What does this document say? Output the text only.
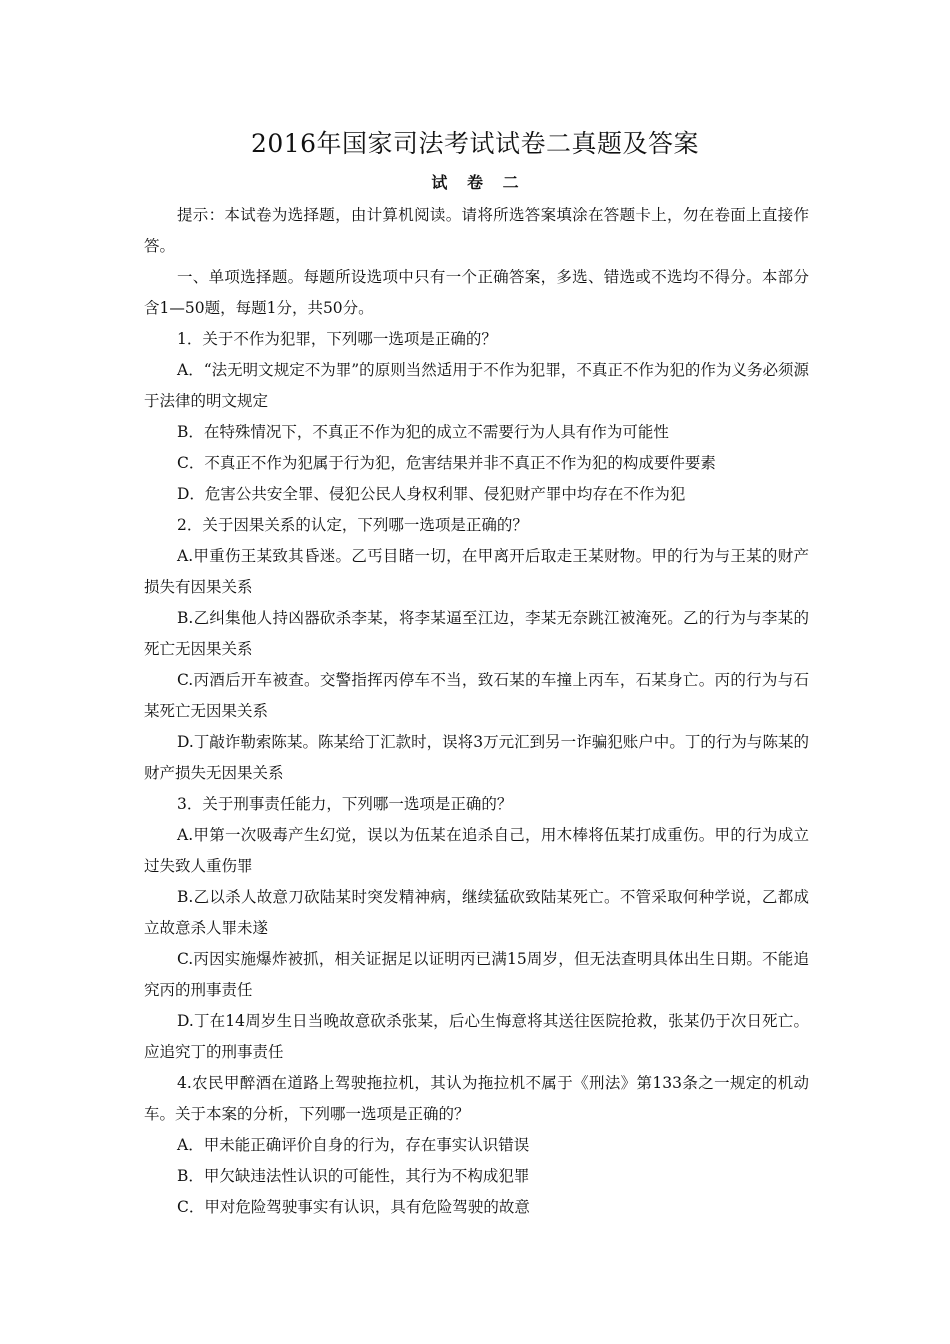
2016年国家司法考试试卷二真题及答案
试 卷 二

提示：本试卷为选择题，由计算机阅读。请将所选答案填涂在答题卡上，勿在卷面上直接作答。

一、单项选择题。每题所设选项中只有一个正确答案，多选、错选或不选均不得分。本部分含1—50题，每题1分，共50分。

1．关于不作为犯罪，下列哪一选项是正确的？

A．“法无明文规定不为罪”的原则当然适用于不作为犯罪，不真正不作为犯的作为义务必须源于法律的明文规定

B．在特殊情况下，不真正不作为犯的成立不需要行为人具有作为可能性

C．不真正不作为犯属于行为犯，危害结果并非不真正不作为犯的构成要件要素

D．危害公共安全罪、侵犯公民人身权利罪、侵犯财产罪中均存在不作为犯

2．关于因果关系的认定，下列哪一选项是正确的？

A.甲重伤王某致其昏迷。乙丐目睹一切，在甲离开后取走王某财物。甲的行为与王某的财产损失有因果关系

B.乙纠集他人持凶器砍杀李某，将李某逼至江边，李某无奈跳江被淹死。乙的行为与李某的死亡无因果关系

C.丙酒后开车被查。交警指挥丙停车不当，致石某的车撞上丙车，石某身亡。丙的行为与石某死亡无因果关系

D.丁敲诈勒索陈某。陈某给丁汇款时，误将3万元汇到另一诈骗犯账户中。丁的行为与陈某的财产损失无因果关系

3．关于刑事责任能力，下列哪一选项是正确的？

A.甲第一次吸毒产生幻觉，误以为伍某在追杀自己，用木棒将伍某打成重伤。甲的行为成立过失致人重伤罪

B.乙以杀人故意刀砍陆某时突发精神病，继续猛砍致陆某死亡。不管采取何种学说，乙都成立故意杀人罪未遂

C.丙因实施爆炸被抓，相关证据足以证明丙已满15周岁，但无法查明具体出生日期。不能追究丙的刑事责任

D.丁在14周岁生日当晚故意砍杀张某，后心生悔意将其送往医院抢救，张某仍于次日死亡。应追究丁的刑事责任

4.农民甲醉酒在道路上驾驶拖拉机，其认为拖拉机不属于《刑法》第133条之一规定的机动车。关于本案的分析，下列哪一选项是正确的？

A．甲未能正确评价自身的行为，存在事实认识错误

B．甲欠缺违法性认识的可能性，其行为不构成犯罪

C．甲对危险驾驶事实有认识，具有危险驾驶的故意
